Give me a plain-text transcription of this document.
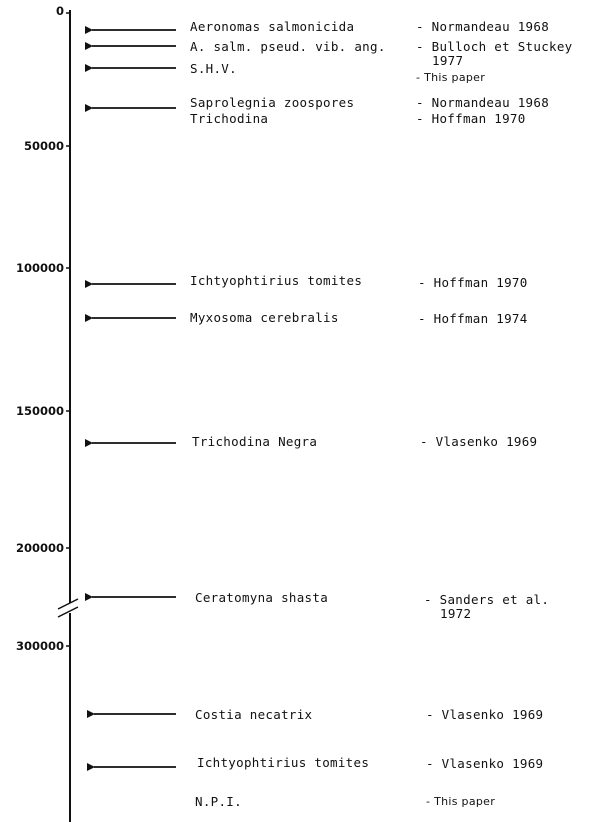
0
50000
100000
150000
200000
300000
Aeronomas salmonicida
A. salm. pseud. vib. ang.
S.H.V.
Saprolegnia zoospores
Trichodina
Ichtyophtirius tomites
Myxosoma cerebralis
Trichodina Negra
Ceratomyna shasta
Costia necatrix
Ichtyophtirius tomites
N.P.I.
- Normandeau 1968
- Bulloch et Stuckey
1977
- This paper
- Normandeau 1968
- Hoffman 1970
- Hoffman 1970
- Hoffman 1974
- Vlasenko 1969
- Sanders et al.
1972
- Vlasenko 1969
- Vlasenko 1969
- This paper
